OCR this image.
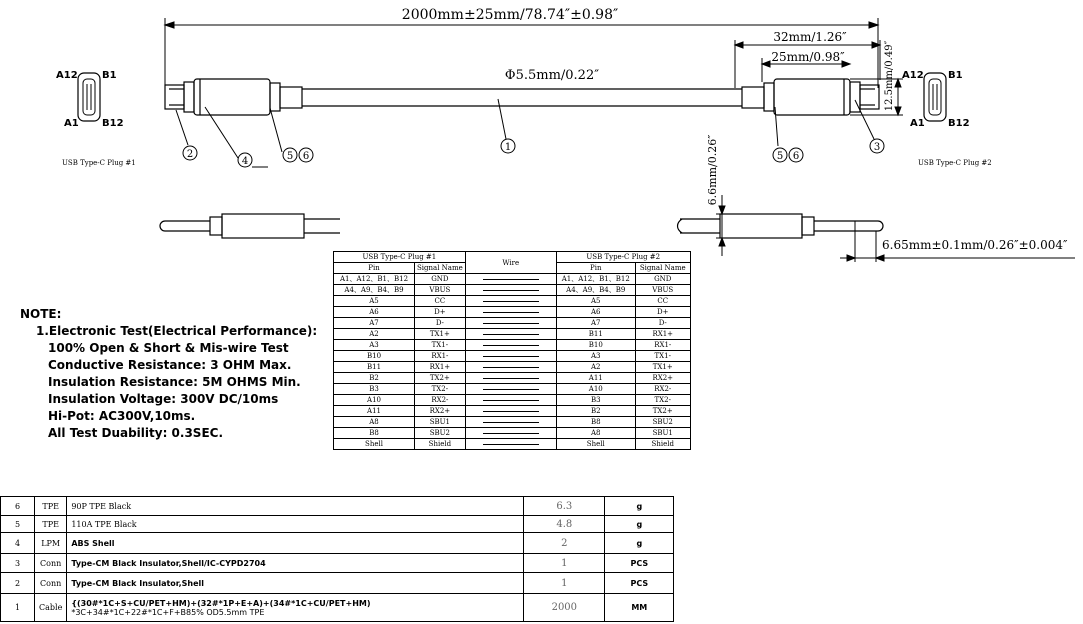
2000mm±25mm/78.74″±0.98″
Φ5.5mm/0.22″
32mm/1.26″
25mm/0.98″	12.5mm/0.49″
1
2
3
4	5 6	5 6
A12 B1
A1 B12
USB Type-C Plug #1
A12 B1
A1 B12
USB Type-C Plug #2
6.6mm/0.26″
6.65mm±0.1mm/0.26″±0.004″
USB Type-C Plug #1		Wire	USB Type-C Plug #2	
Pin	Signal Name		Pin	Signal Name
A1、A12、B1、B12	GND		A1、A12、B1、B12	GND
A4、A9、B4、B9	VBUS		A4、A9、B4、B9	VBUS
A5	CC		A5	CC
A6	D+		A6	D+
A7	D-		A7	D-
A2	TX1+		B11	RX1+
A3	TX1-		B10	RX1-
B10	RX1-		A3	TX1-
B11	RX1+		A2	TX1+
B2	TX2+		A11	RX2+
B3	TX2-		A10	RX2-
A10	RX2-		B3	TX2-
A11	RX2+		B2	TX2+
A8	SBU1		B8	SBU2
B8	SBU2		A8	SBU1
Shell	Shield		Shell	Shield
NOTE:
1.Electronic Test(Electrical Performance):
100% Open & Short & Mis-wire Test
Conductive Resistance: 3 OHM Max.
Insulation Resistance: 5M OHMS Min.
Insulation Voltage: 300V DC/10ms
Hi-Pot: AC300V,10ms.
All Test Duability: 0.3SEC.
6	TPE	90P TPE Black	6.3	g
5	TPE	110A TPE Black	4.8	g
4	LPM	ABS Shell	2	g
3	Conn	Type-CM Black Insulator,Shell/IC-CYPD2704	1	PCS
2	Conn	Type-CM Black Insulator,Shell	1	PCS
1	Cable	{(30#*1C+S+CU/PET+HM)+(32#*1P+E+A)+(34#*1C+CU/PET+HM)
*3C+34#*1C+22#*1C+F+B85% OD5.5mm TPE	2000	MM
